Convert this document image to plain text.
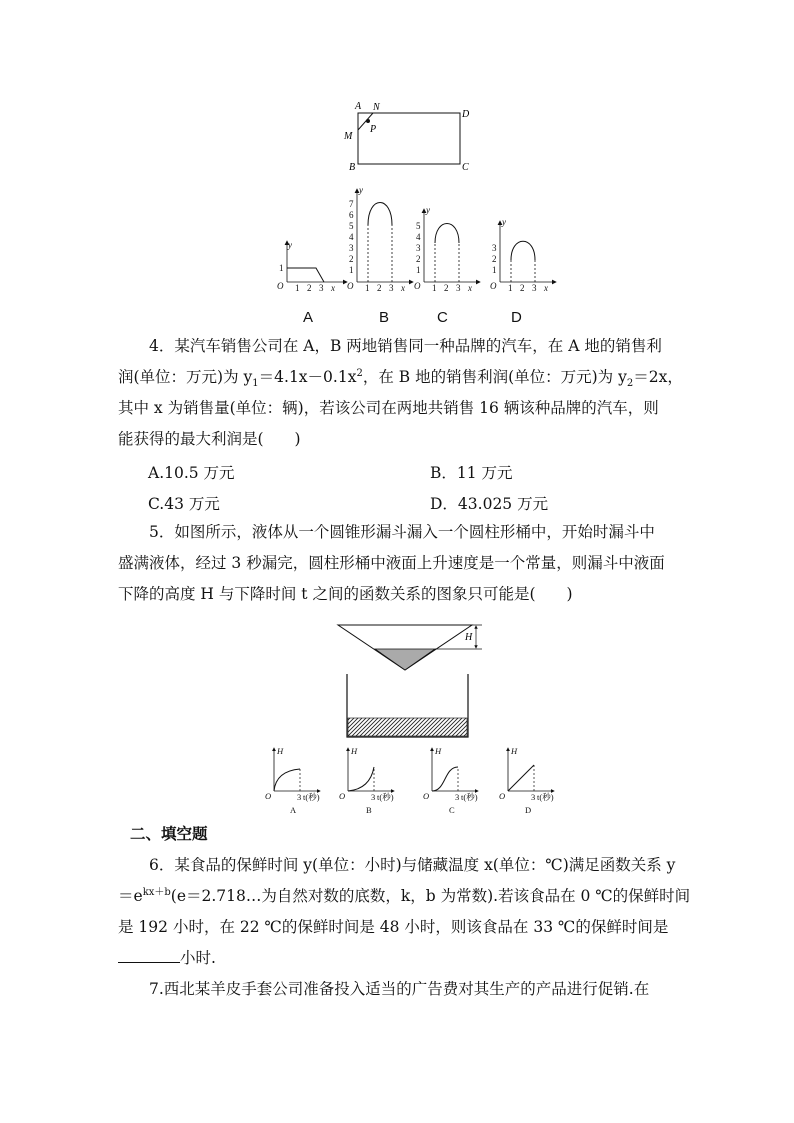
A N
D
M
P
B	C
y
O
1
1 2 3 x
y
O
1
2
3
4
5
6
7
1 2 3 x
y
O
1
2
3
4
5
1 2 3 x
y
O
1
2
3
1 2 3 x
A	B	C	D
4．某汽车销售公司在 A，B 两地销售同一种品牌的汽车，在 A 地的销售利
润(单位：万元)为 $y_1=4.1x-0.1x^2$，在 B 地的销售利润(单位：万元)为 $y_2=2x$，
其中 x 为销售量(单位：辆)，若该公司在两地共销售 16 辆该种品牌的汽车，则
能获得的最大利润是(　　)
A.10.5 万元	B．11 万元
C.43 万元	D．43.025 万元
5．如图所示，液体从一个圆锥形漏斗漏入一个圆柱形桶中，开始时漏斗中
盛满液体，经过 3 秒漏完，圆柱形桶中液面上升速度是一个常量，则漏斗中液面
下降的高度 H 与下降时间 t 之间的函数关系的图象只可能是(　　)
H
H
O	3 t(秒)
H
O	3 t(秒)
H
O	3 t(秒)
H
O	3 t(秒)
A	B	C	D
二、填空题
6．某食品的保鲜时间 y(单位：小时)与储藏温度 x(单位：℃)满足函数关系 y
$=e^{kx+b}(e=2.718\dots$为自然对数的底数，k，b 为常数).若该食品在 0 ℃的保鲜时间
是 192 小时，在 22 ℃的保鲜时间是 48 小时，则该食品在 33 ℃的保鲜时间是
小时.
7.西北某羊皮手套公司准备投入适当的广告费对其生产的产品进行促销.在
